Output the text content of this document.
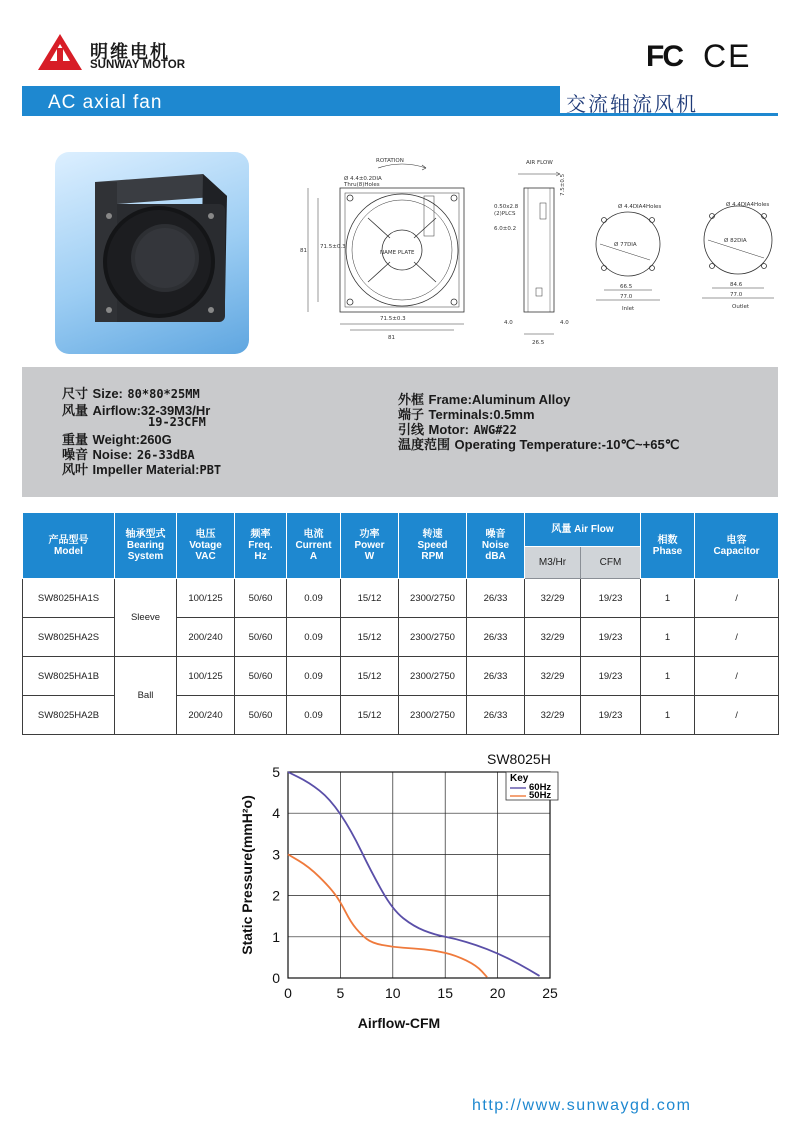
明维电机
SUNWAY MOTOR	FC CE
AC axial fan	交流轴流风机
ROTATION
Ø 4.4±0.2DIA
Thru(8)Holes
NAME PLATE
81
71.5±0.3
81
71.5±0.3
AIR FLOW
0.50x2.8
(2)PLCS
6.0±0.2
4.0	4.0
26.5
7.5±0.5
Ø 4.4DIA4Holes
Ø 77DIA
66.5
77.0
Inlet
Ø 4.4DIA4Holes
Ø 82DIA
84.6
77.0
Outlet
尺寸 Size: 80*80*25MM
风量 Airflow:32-39M3/Hr
19-23CFM
重量 Weight:260G
噪音 Noise: 26-33dBA
风叶 Impeller Material:PBT
外框 Frame:Aluminum Alloy
端子 Terminals:0.5mm
引线 Motor: AWG#22
温度范围 Operating Temperature:-10℃~+65℃
产品型号
Model	轴承型式
Bearing
System	电压
Votage
VAC	频率
Freq.
Hz	电流
Current
A	功率
Power
W	转速
Speed
RPM	噪音
Noise
dBA	风量 Air Flow		相数
Phase	电容
Capacitor
								M3/Hr	CFM		
SW8025HA1S	Sleeve	100/125	50/60	0.09	15/12	2300/2750	26/33	32/29	19/23	1	/
SW8025HA2S		200/240	50/60	0.09	15/12	2300/2750	26/33	32/29	19/23	1	/
SW8025HA1B	Ball	100/125	50/60	0.09	15/12	2300/2750	26/33	32/29	19/23	1	/
SW8025HA2B		200/240	50/60	0.09	15/12	2300/2750	26/33	32/29	19/23	1	/
SW8025H
0	5	10	15	20	25
0
1
2
3
4
5
Static Pressure(mmH²o)
Airflow-CFM
Key
60Hz
50Hz
http://www.sunwaygd.com
